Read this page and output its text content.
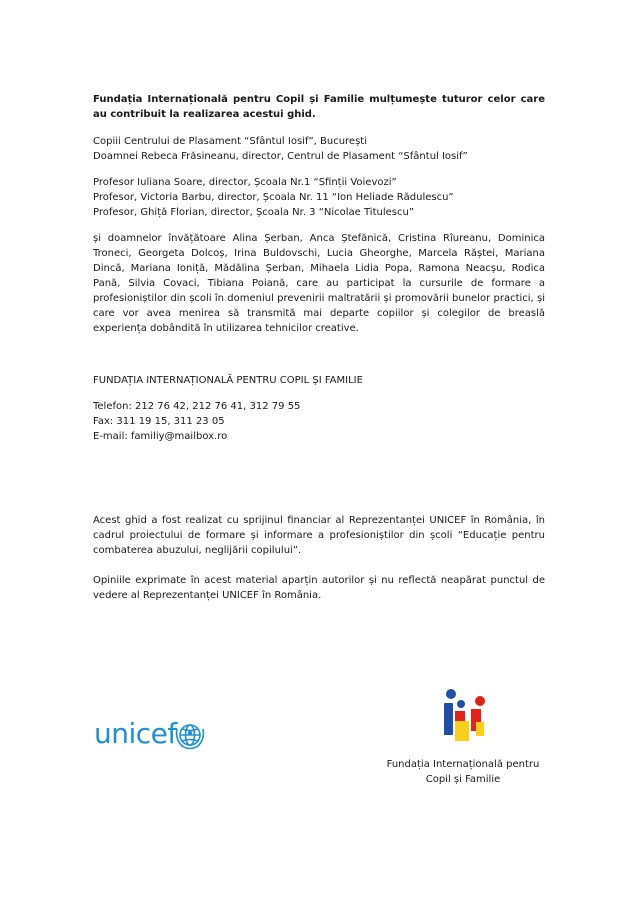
Fundația Internațională pentru Copil și Familie mulțumește tuturor celor care au contribuit la realizarea acestui ghid.

Copiii Centrului de Plasament “Sfântul Iosif”, București

Doamnei Rebeca Frăsineanu, director, Centrul de Plasament “Sfântul Iosif”

Profesor Iuliana Soare, director, Școala Nr.1 “Sfinții Voievozi”

Profesor, Victoria Barbu, director, Școala Nr. 11 “Ion Heliade Rădulescu”

Profesor, Ghiță Florian, director, Școala Nr. 3 “Nicolae Titulescu”

și doamnelor învățătoare Alina Șerban, Anca Ștefănică, Cristina Rîureanu, Dominica Troneci, Georgeta Dolcoș, Irina Buldovschi, Lucia Gheorghe, Marcela Răștei, Mariana Dincă, Mariana Ioniță, Mădălina Șerban, Mihaela Lidia Popa, Ramona Neacșu, Rodica Pană, Silvia Covaci, Tibiana Poiană, care au participat la cursurile de formare a profesioniștilor din școli în domeniul prevenirii maltratării și promovării bunelor practici, și care vor avea menirea să transmită mai departe copiilor și colegilor de breaslă experiența dobândită în utilizarea tehnicilor creative.

FUNDAȚIA INTERNAȚIONALĂ PENTRU COPIL ȘI FAMILIE

Telefon: 212 76 42, 212 76 41, 312 79 55

Fax: 311 19 15, 311 23 05

E-mail: familiy@mailbox.ro

Acest ghid a fost realizat cu sprijinul financiar al Reprezentanței UNICEF în România, în cadrul proiectului de formare și informare a profesioniștilor din școli “Educație pentru combaterea abuzului, neglijării copilului”.

Opiniile exprimate în acest material aparțin autorilor și nu reflectă neapărat punctul de vedere al Reprezentanței UNICEF în România.

unicef
Fundația Internațională pentru
Copil și Familie
